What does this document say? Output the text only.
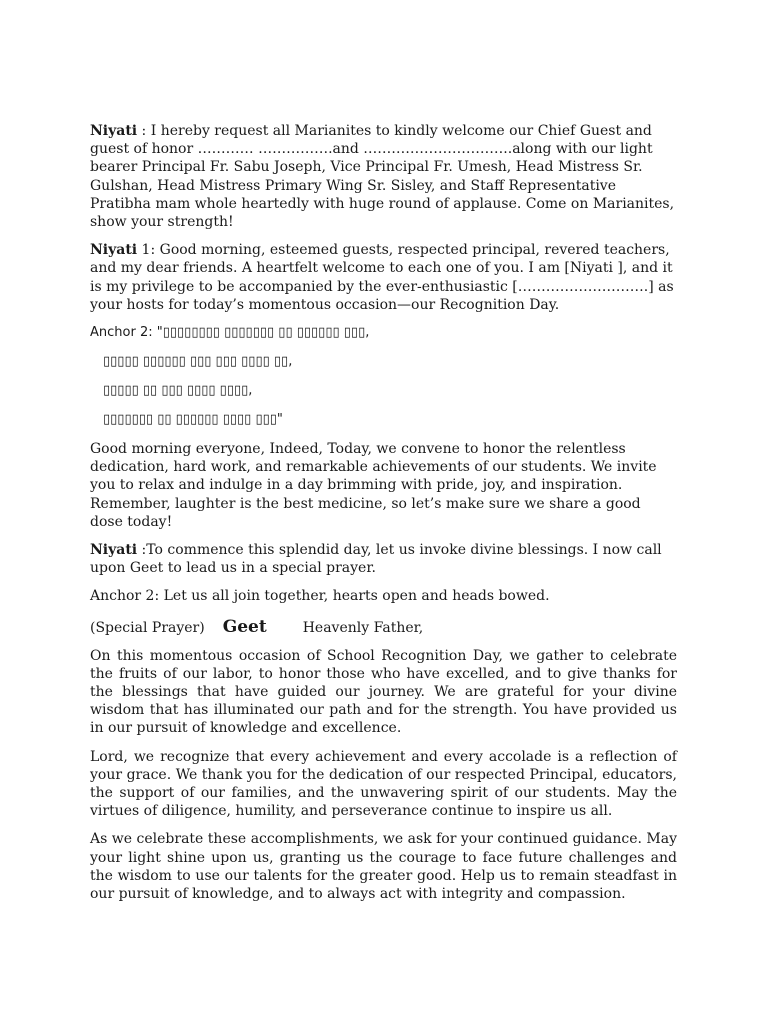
Niyati : I hereby request all Marianites to kindly welcome our Chief Guest and guest of honor ………… …………….and …………………………..along with our light bearer Principal Fr. Sabu Joseph, Vice Principal Fr. Umesh, Head Mistress Sr. Gulshan, Head Mistress Primary Wing Sr. Sisley, and Staff Representative Pratibha mam whole heartedly with huge round of applause. Come on Marianites, show your strength!

Niyati 1: Good morning, esteemed guests, respected principal, revered teachers, and my dear friends. A heartfelt welcome to each one of you. I am [Niyati ], and it is my privilege to be accompanied by the ever-enthusiastic [……………………….] as your hosts for today’s momentous occasion—our Recognition Day.

Anchor 2: "▯▯▯▯▯▯▯▯ ▯▯▯▯▯▯▯ ▯▯ ▯▯▯▯▯▯ ▯▯▯,

▯▯▯▯▯ ▯▯▯▯▯▯ ▯▯▯ ▯▯▯ ▯▯▯▯ ▯▯,

▯▯▯▯▯ ▯▯ ▯▯▯ ▯▯▯▯ ▯▯▯▯,

▯▯▯▯▯▯▯ ▯▯ ▯▯▯▯▯▯ ▯▯▯▯ ▯▯▯"

Good morning everyone, Indeed, Today, we convene to honor the relentless dedication, hard work, and remarkable achievements of our students. We invite you to relax and indulge in a day brimming with pride, joy, and inspiration. Remember, laughter is the best medicine, so let’s make sure we share a good dose today!

Niyati :To commence this splendid day, let us invoke divine blessings. I now call upon Geet to lead us in a special prayer.

Anchor 2: Let us all join together, hearts open and heads bowed.

(Special Prayer) Geet	Heavenly Father,

On this momentous occasion of School Recognition Day, we gather to celebrate the fruits of our labor, to honor those who have excelled, and to give thanks for the blessings that have guided our journey. We are grateful for your divine wisdom that has illuminated our path and for the strength. You have provided us in our pursuit of knowledge and excellence.

Lord, we recognize that every achievement and every accolade is a reflection of your grace. We thank you for the dedication of our respected Principal, educators, the support of our families, and the unwavering spirit of our students. May the virtues of diligence, humility, and perseverance continue to inspire us all.

As we celebrate these accomplishments, we ask for your continued guidance. May your light shine upon us, granting us the courage to face future challenges and the wisdom to use our talents for the greater good. Help us to remain steadfast in our pursuit of knowledge, and to always act with integrity and compassion.
